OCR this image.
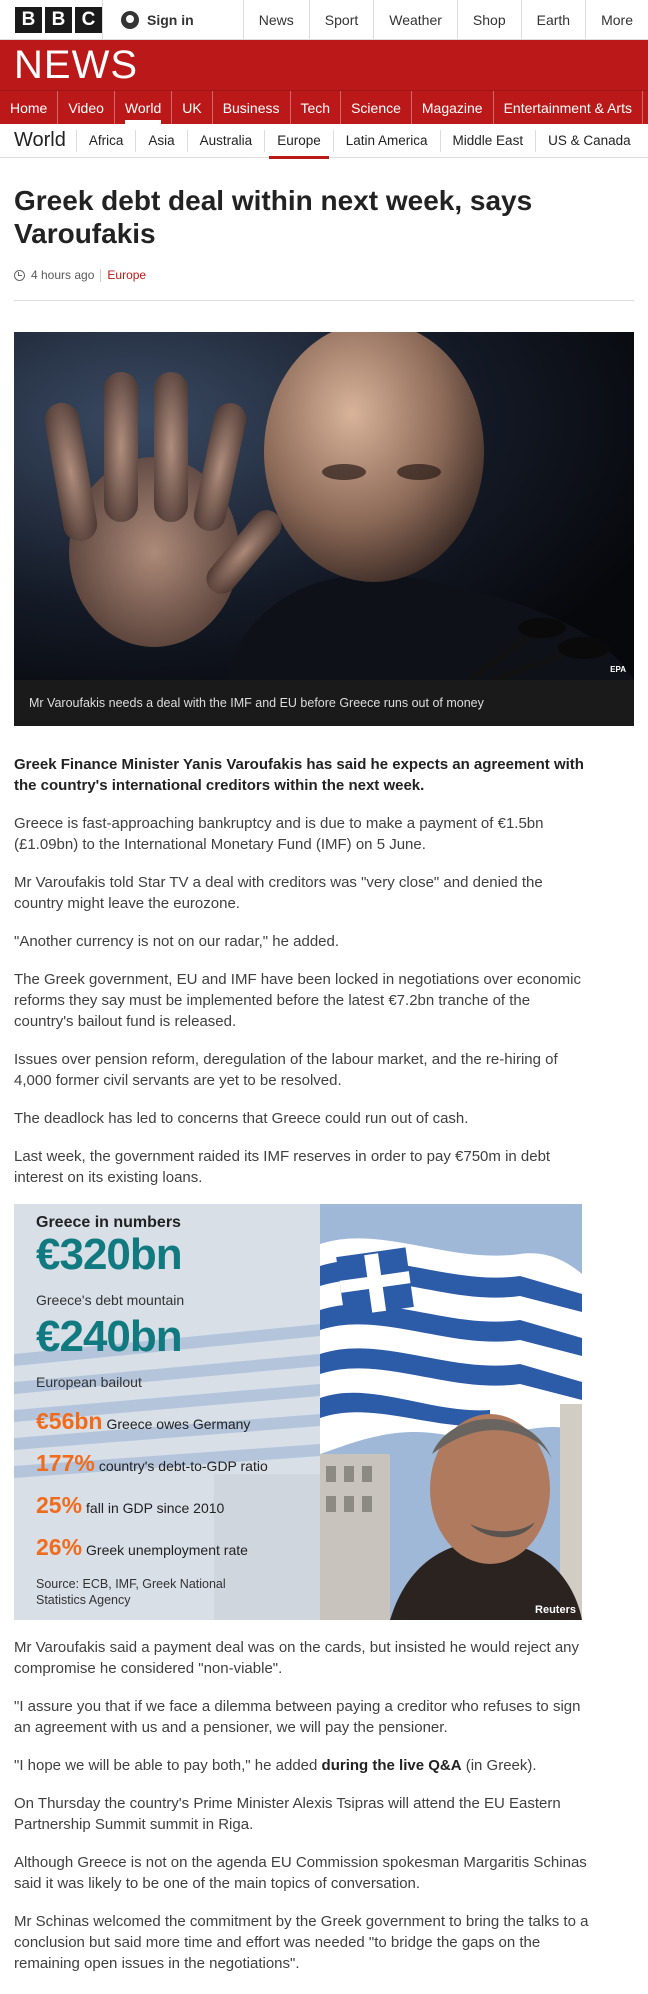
B B C	Sign in	News	Sport	Weather	Shop	Earth	More
NEWS
Home	Video	World	UK	Business	Tech	Science	Magazine	Entertainment & Arts
World	Africa	Asia	Australia	Europe	Latin America	Middle East	US & Canada
Greek debt deal within next week, says Varoufakis
4 hours ago Europe
EPA
Mr Varoufakis needs a deal with the IMF and EU before Greece runs out of money

Greek Finance Minister Yanis Varoufakis has said he expects an agreement with the country's international creditors within the next week.

Greece is fast-approaching bankruptcy and is due to make a payment of €1.5bn (£1.09bn) to the International Monetary Fund (IMF) on 5 June.

Mr Varoufakis told Star TV a deal with creditors was "very close" and denied the country might leave the eurozone.

"Another currency is not on our radar," he added.

The Greek government, EU and IMF have been locked in negotiations over economic reforms they say must be implemented before the latest €7.2bn tranche of the country's bailout fund is released.

Issues over pension reform, deregulation of the labour market, and the re-hiring of 4,000 former civil servants are yet to be resolved.

The deadlock has led to concerns that Greece could run out of cash.

Last week, the government raided its IMF reserves in order to pay €750m in debt interest on its existing loans.

Greece in numbers
€320bn
Greece's debt mountain
€240bn
European bailout
€56bn Greece owes Germany
177% country's debt-to-GDP ratio
25% fall in GDP since 2010
26% Greek unemployment rate
Source: ECB, IMF, Greek National Statistics Agency
Reuters

Mr Varoufakis said a payment deal was on the cards, but insisted he would reject any compromise he considered "non-viable".

"I assure you that if we face a dilemma between paying a creditor who refuses to sign an agreement with us and a pensioner, we will pay the pensioner.

"I hope we will be able to pay both," he added during the live Q&A (in Greek).

On Thursday the country's Prime Minister Alexis Tsipras will attend the EU Eastern Partnership Summit summit in Riga.

Although Greece is not on the agenda EU Commission spokesman Margaritis Schinas said it was likely to be one of the main topics of conversation.

Mr Schinas welcomed the commitment by the Greek government to bring the talks to a conclusion but said more time and effort was needed "to bridge the gaps on the remaining open issues in the negotiations".
